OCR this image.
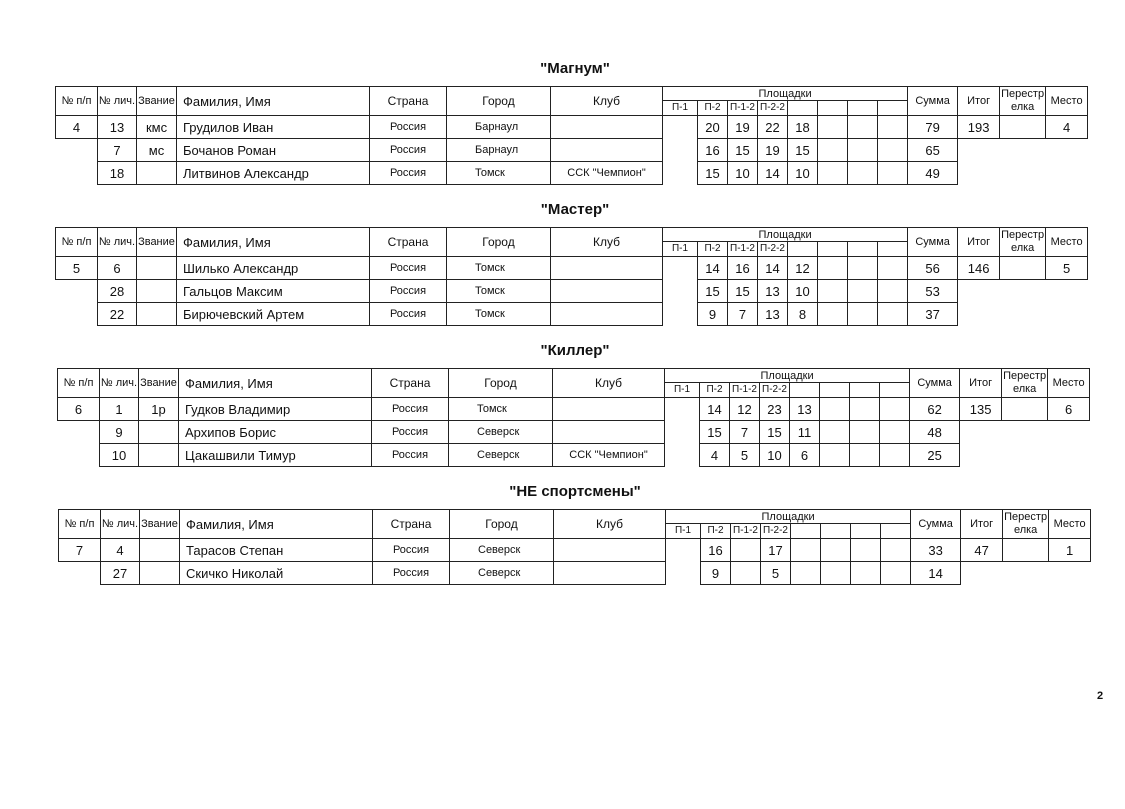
"Магнум"
№ п/п	№ лич.	Звание	Фамилия, Имя	Страна	Город	Клуб	Площадки								Сумма	Итог	Перестрелка	Место
							П-1	П-2	П-1-2	П-2-2								
4	13	кмс	Грудилов Иван	Россия	Барнаул			20	19	22	18				79	193		4
	7	мс	Бочанов Роман	Россия	Барнаул			16	15	19	15				65			
	18		Литвинов Александр	Россия	Томск	ССК "Чемпион"		15	10	14	10				49			
"Мастер"
№ п/п	№ лич.	Звание	Фамилия, Имя	Страна	Город	Клуб	Площадки								Сумма	Итог	Перестрелка	Место
							П-1	П-2	П-1-2	П-2-2								
5	6		Шилько Александр	Россия	Томск			14	16	14	12				56	146		5
	28		Гальцов Максим	Россия	Томск			15	15	13	10				53			
	22		Бирючевский Артем	Россия	Томск			9	7	13	8				37			
"Киллер"
№ п/п	№ лич.	Звание	Фамилия, Имя	Страна	Город	Клуб	Площадки								Сумма	Итог	Перестрелка	Место
							П-1	П-2	П-1-2	П-2-2								
6	1	1р	Гудков Владимир	Россия	Томск			14	12	23	13				62	135		6
	9		Архипов Борис	Россия	Северск			15	7	15	11				48			
	10		Цакашвили Тимур	Россия	Северск	ССК "Чемпион"		4	5	10	6				25			
"НЕ спортсмены"
№ п/п	№ лич.	Звание	Фамилия, Имя	Страна	Город	Клуб	Площадки								Сумма	Итог	Перестрелка	Место
							П-1	П-2	П-1-2	П-2-2								
7	4		Тарасов Степан	Россия	Северск			16		17					33	47		1
	27		Скичко Николай	Россия	Северск			9		5					14			
2
